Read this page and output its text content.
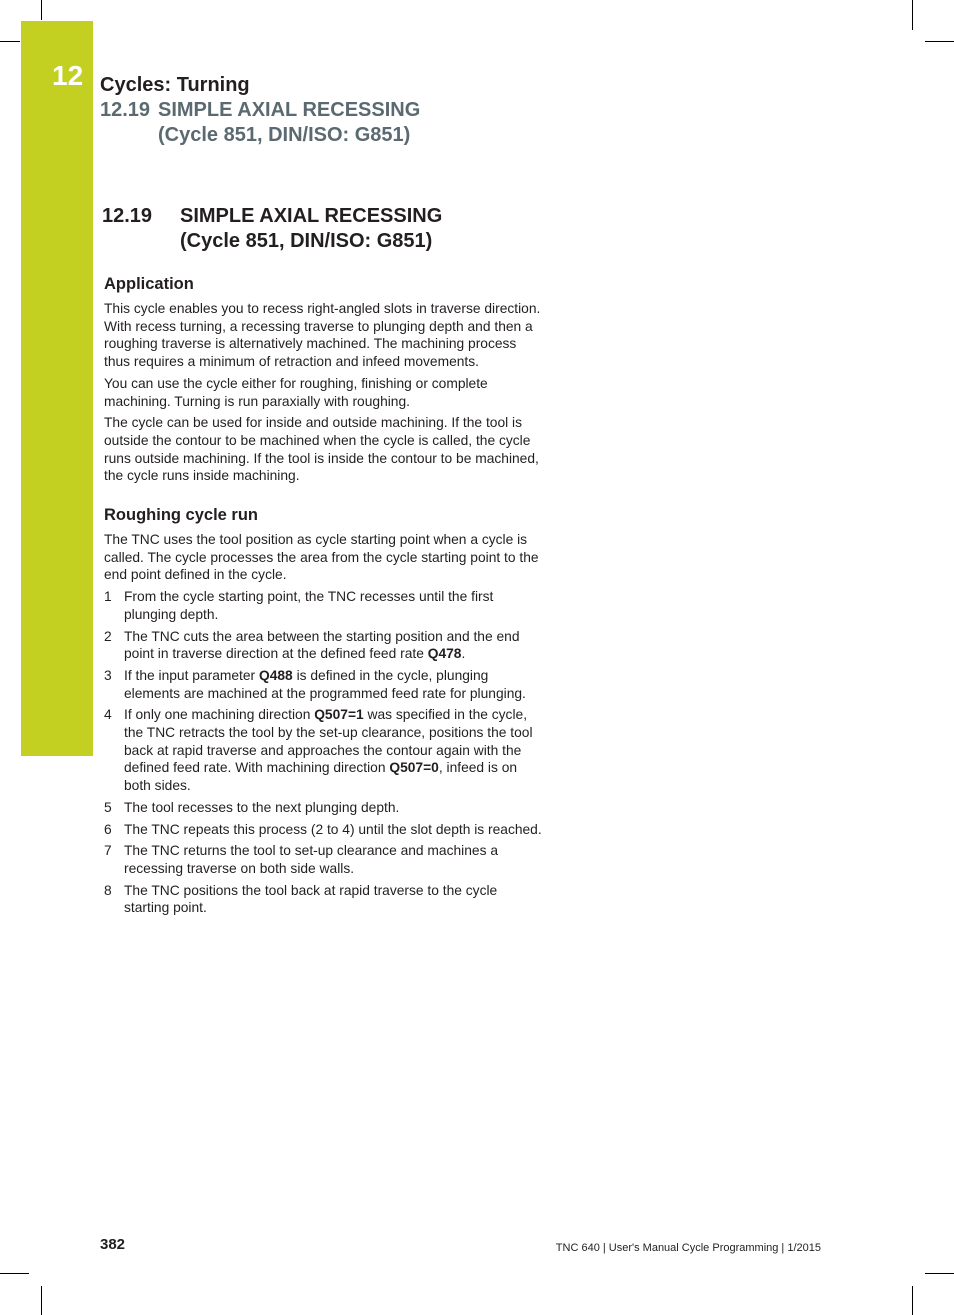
12 Cycles: Turning
12.19 SIMPLE AXIAL RECESSING
(Cycle 851, DIN/ISO: G851)
12.19 SIMPLE AXIAL RECESSING
(Cycle 851, DIN/ISO: G851)
Application

This cycle enables you to recess right-angled slots in traverse direction. With recess turning, a recessing traverse to plunging depth and then a roughing traverse is alternatively machined. The machining process thus requires a minimum of retraction and infeed movements.

You can use the cycle either for roughing, finishing or complete machining. Turning is run paraxially with roughing.

The cycle can be used for inside and outside machining. If the tool is outside the contour to be machined when the cycle is called, the cycle runs outside machining. If the tool is inside the contour to be machined, the cycle runs inside machining.

Roughing cycle run

The TNC uses the tool position as cycle starting point when a cycle is called. The cycle processes the area from the cycle starting point to the end point defined in the cycle.

1 From the cycle starting point, the TNC recesses until the first plunging depth.
2 The TNC cuts the area between the starting position and the end point in traverse direction at the defined feed rate Q478.
3 If the input parameter Q488 is defined in the cycle, plunging elements are machined at the programmed feed rate for plunging.
4 If only one machining direction Q507=1 was specified in the cycle, the TNC retracts the tool by the set-up clearance, positions the tool back at rapid traverse and approaches the contour again with the defined feed rate. With machining direction Q507=0, infeed is on both sides.
5 The tool recesses to the next plunging depth.
6 The TNC repeats this process (2 to 4) until the slot depth is reached.
7 The TNC returns the tool to set-up clearance and machines a recessing traverse on both side walls.
8 The TNC positions the tool back at rapid traverse to the cycle starting point.
382	TNC 640 | User's Manual Cycle Programming | 1/2015
